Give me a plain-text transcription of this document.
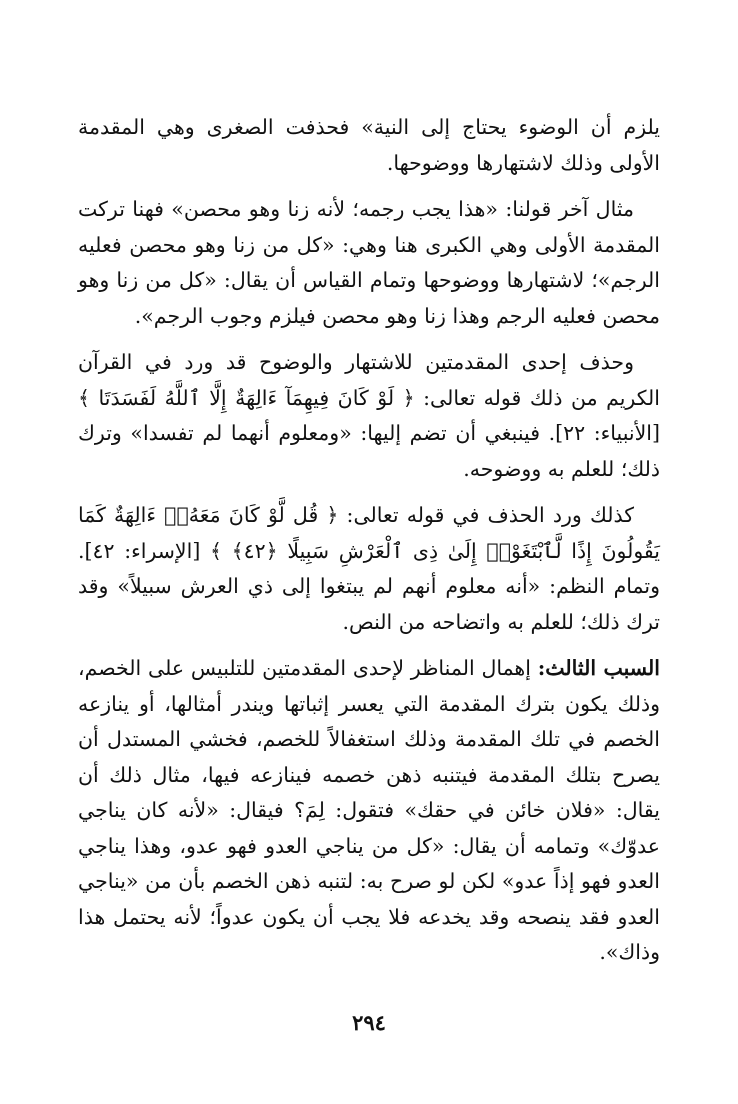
يلزم أن الوضوء يحتاج إلى النية» فحذفت الصغرى وهي المقدمة الأولى وذلك لاشتهارها ووضوحها.

مثال آخر قولنا: «هذا يجب رجمه؛ لأنه زنا وهو محصن» فهنا تركت المقدمة الأولى وهي الكبرى هنا وهي: «كل من زنا وهو محصن فعليه الرجم»؛ لاشتهارها ووضوحها وتمام القياس أن يقال: «كل من زنا وهو محصن فعليه الرجم وهذا زنا وهو محصن فيلزم وجوب الرجم».

وحذف إحدى المقدمتين للاشتهار والوضوح قد ورد في القرآن الكريم من ذلك قوله تعالى: ﴿ لَوْ كَانَ فِيهِمَآ ءَالِهَةٌ إِلَّا ٱللَّهُ لَفَسَدَتَا ﴾ [الأنبياء: ٢٢]. فينبغي أن تضم إليها: «ومعلوم أنهما لم تفسدا» وترك ذلك؛ للعلم به ووضوحه.

كذلك ورد الحذف في قوله تعالى: ﴿ قُل لَّوْ كَانَ مَعَهُۥٓ ءَالِهَةٌ كَمَا يَقُولُونَ إِذًا لَّٱبْتَغَوْا۟ إِلَىٰ ذِى ٱلْعَرْشِ سَبِيلًا ﴿٤٢﴾ ﴾ [الإسراء: ٤٢]. وتمام النظم: «أنه معلوم أنهم لم يبتغوا إلى ذي العرش سبيلاً» وقد ترك ذلك؛ للعلم به واتضاحه من النص.

السبب الثالث: إهمال المناظر لإحدى المقدمتين للتلبيس على الخصم، وذلك يكون بترك المقدمة التي يعسر إثباتها ويندر أمثالها، أو ينازعه الخصم في تلك المقدمة وذلك استغفالاً للخصم، فخشي المستدل أن يصرح بتلك المقدمة فيتنبه ذهن خصمه فينازعه فيها، مثال ذلك أن يقال: «فلان خائن في حقك» فتقول: لِمَ؟ فيقال: «لأنه كان يناجي عدوّك» وتمامه أن يقال: «كل من يناجي العدو فهو عدو، وهذا يناجي العدو فهو إذاً عدو» لكن لو صرح به: لتنبه ذهن الخصم بأن من «يناجي العدو فقد ينصحه وقد يخدعه فلا يجب أن يكون عدواً؛ لأنه يحتمل هذا وذاك».

٢٩٤
